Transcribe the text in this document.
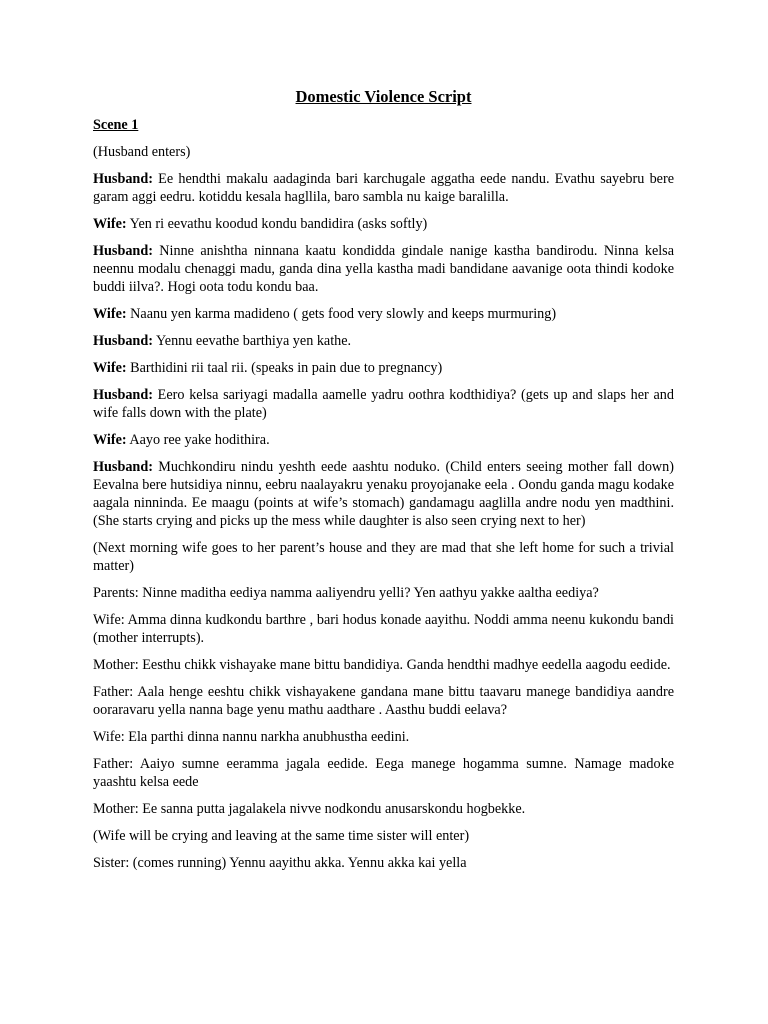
Domestic Violence Script
Scene 1
(Husband enters)
Husband: Ee hendthi makalu aadaginda bari karchugale aggatha eede nandu. Evathu sayebru bere garam aggi eedru. kotiddu kesala hagllila, baro sambla nu kaige baralilla.
Wife: Yen ri eevathu koodud kondu bandidira (asks softly)
Husband: Ninne anishtha ninnana kaatu kondidda gindale nanige kastha bandirodu. Ninna kelsa neennu modalu chenaggi madu, ganda dina yella kastha madi bandidane aavanige oota thindi kodoke buddi iilva?. Hogi oota todu kondu baa.
Wife: Naanu yen karma madideno ( gets food very slowly and keeps murmuring)
Husband: Yennu eevathe barthiya yen kathe.
Wife: Barthidini rii taal rii. (speaks in pain due to pregnancy)
Husband: Eero kelsa sariyagi madalla aamelle yadru oothra kodthidiya? (gets up and slaps her and wife falls down with the plate)
Wife: Aayo ree yake hodithira.
Husband: Muchkondiru nindu yeshth eede aashtu noduko. (Child enters seeing mother fall down) Eevalna bere hutsidiya ninnu, eebru naalayakru yenaku proyojanake eela . Oondu ganda magu kodake aagala ninninda. Ee maagu (points at wife’s stomach) gandamagu aaglilla andre nodu yen madthini. (She starts crying and picks up the mess while daughter is also seen crying next to her)
(Next morning wife goes to her parent’s house and they are mad that she left home for such a trivial matter)
Parents: Ninne maditha eediya namma aaliyendru yelli? Yen aathyu yakke aaltha eediya?
Wife: Amma dinna kudkondu barthre , bari hodus konade aayithu. Noddi amma neenu kukondu bandi (mother interrupts).
Mother: Eesthu chikk vishayake mane bittu bandidiya. Ganda hendthi madhye eedella aagodu eedide.
Father: Aala henge eeshtu chikk vishayakene gandana mane bittu taavaru manege bandidiya aandre ooraravaru yella nanna bage yenu mathu aadthare . Aasthu buddi eelava?
Wife: Ela parthi dinna nannu narkha anubhustha eedini.
Father: Aaiyo sumne eeramma jagala eedide. Eega manege hogamma sumne. Namage madoke yaashtu kelsa eede
Mother: Ee sanna putta jagalakela nivve nodkondu anusarskondu hogbekke.
(Wife will be crying and leaving at the same time sister will enter)
Sister: (comes running) Yennu aayithu akka. Yennu akka kai yella
